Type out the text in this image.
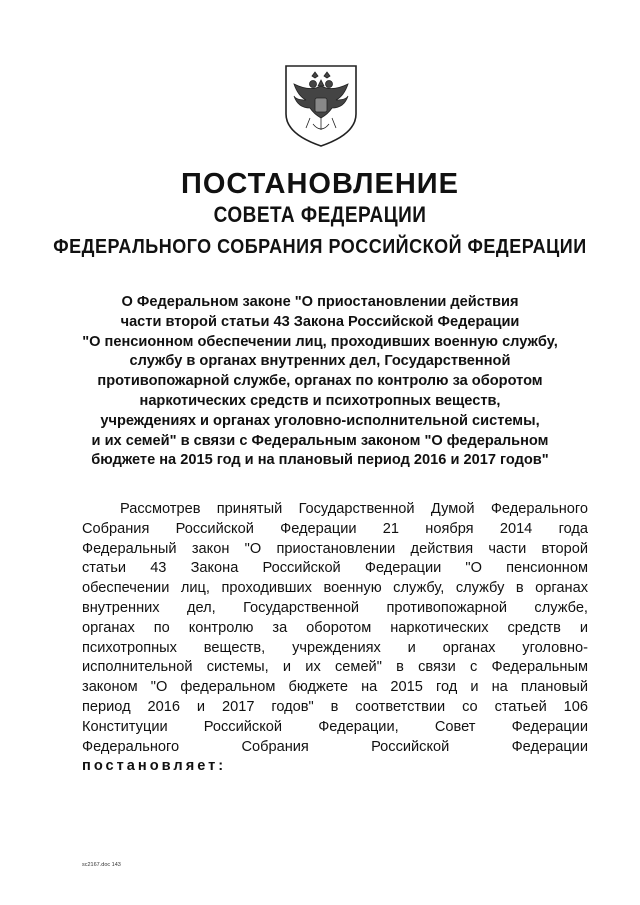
ПОСТАНОВЛЕНИЕ
СОВЕТА ФЕДЕРАЦИИ
ФЕДЕРАЛЬНОГО СОБРАНИЯ РОССИЙСКОЙ ФЕДЕРАЦИИ
О Федеральном законе "О приостановлении действия
части второй статьи 43 Закона Российской Федерации
"О пенсионном обеспечении лиц, проходивших военную службу,
службу в органах внутренних дел, Государственной
противопожарной службе, органах по контролю за оборотом
наркотических средств и психотропных веществ,
учреждениях и органах уголовно-исполнительной системы,
и их семей" в связи с Федеральным законом "О федеральном
бюджете на 2015 год и на плановый период 2016 и 2017 годов"
Рассмотрев принятый Государственной Думой Федерального
Собрания Российской Федерации 21 ноября 2014 года
Федеральный закон "О приостановлении действия части второй
статьи 43 Закона Российской Федерации "О пенсионном
обеспечении лиц, проходивших военную службу, службу в органах
внутренних дел, Государственной противопожарной службе,
органах по контролю за оборотом наркотических средств и
психотропных веществ, учреждениях и органах уголовно-
исполнительной системы, и их семей" в связи с Федеральным
законом "О федеральном бюджете на 2015 год и на плановый
период 2016 и 2017 годов" в соответствии со статьей 106
Конституции Российской Федерации, Совет Федерации
Федерального Собрания Российской Федерации
постановляет:
sc2167.doc 143
